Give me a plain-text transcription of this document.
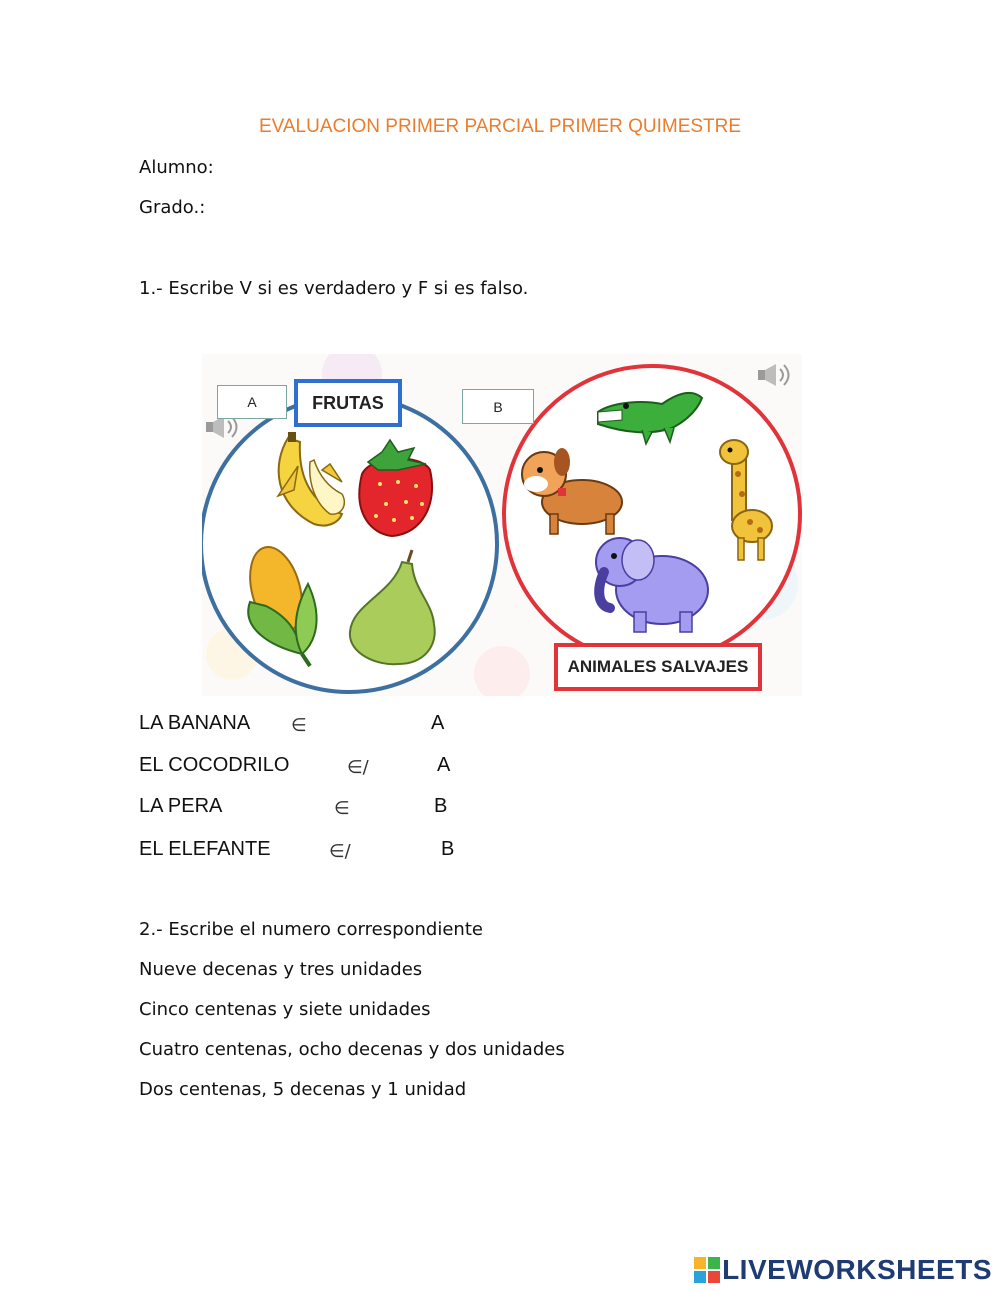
EVALUACION PRIMER PARCIAL PRIMER QUIMESTRE
Alumno:
Grado.:
1.- Escribe V si es verdadero y F si es falso.
FRUTAS
ANIMALES SALVAJES
A	B
LA BANANA ∈	A
EL COCODRILO	∈/	A
LA PERA	∈	B
EL ELEFANTE	∈/	B
2.- Escribe el numero correspondiente
Nueve decenas y tres unidades
Cinco centenas y siete unidades
Cuatro centenas, ocho decenas y dos unidades
Dos centenas, 5 decenas y 1 unidad
LIVEWORKSHEETS
